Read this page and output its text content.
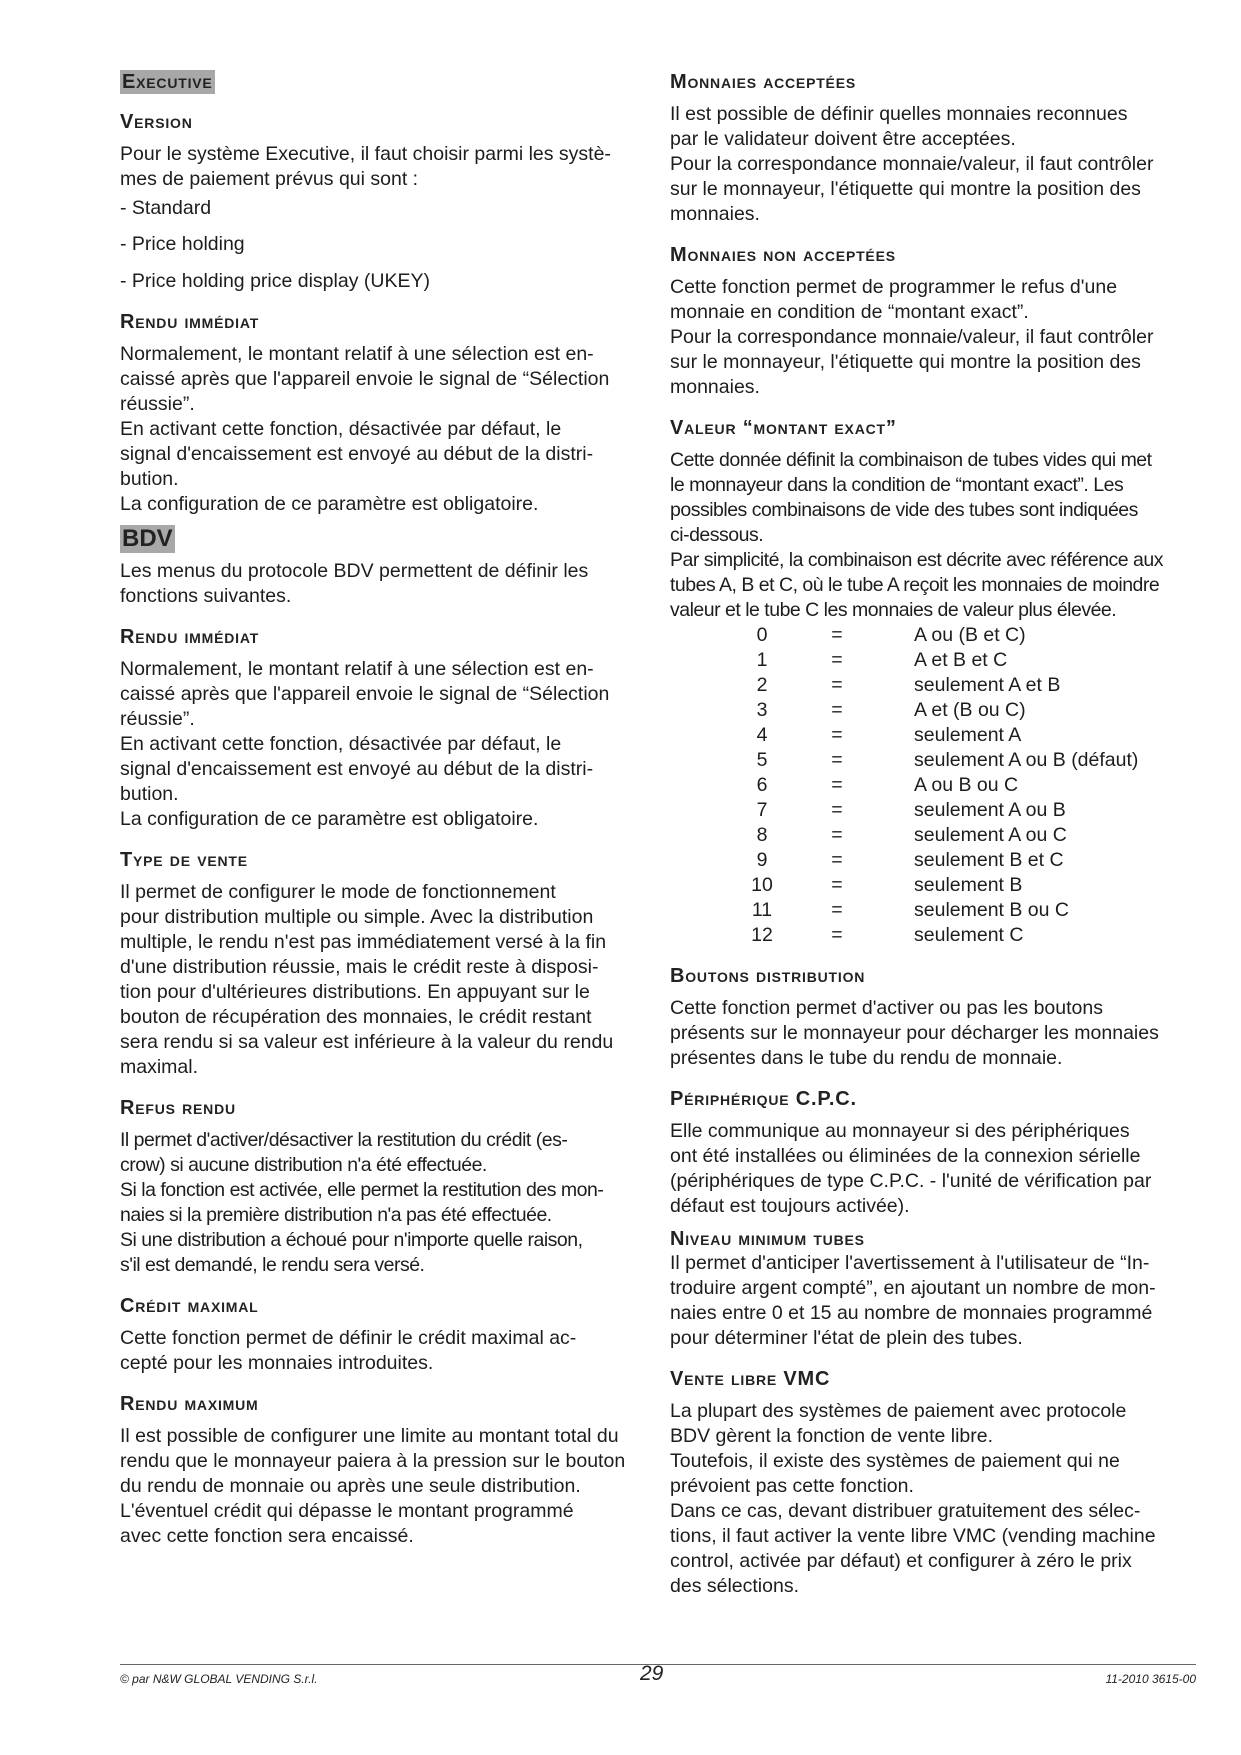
Executive
Version

Pour le système Executive, il faut choisir parmi les systè-
mes de paiement prévus qui sont :

- Standard

- Price holding

- Price holding price display (UKEY)

Rendu immédiat

Normalement, le montant relatif à une sélection est en-
caissé après que l'appareil envoie le signal de “Sélection
réussie”.
En activant cette fonction, désactivée par défaut, le
signal d'encaissement est envoyé au début de la distri-
bution.
La configuration de ce paramètre est obligatoire.

BDV

Les menus du protocole BDV permettent de définir les
fonctions suivantes.

Rendu immédiat

Normalement, le montant relatif à une sélection est en-
caissé après que l'appareil envoie le signal de “Sélection
réussie”.
En activant cette fonction, désactivée par défaut, le
signal d'encaissement est envoyé au début de la distri-
bution.
La configuration de ce paramètre est obligatoire.

Type de vente

Il permet de configurer le mode de fonctionnement
pour distribution multiple ou simple. Avec la distribution
multiple, le rendu n'est pas immédiatement versé à la fin
d'une distribution réussie, mais le crédit reste à disposi-
tion pour d'ultérieures distributions. En appuyant sur le
bouton de récupération des monnaies, le crédit restant
sera rendu si sa valeur est inférieure à la valeur du rendu
maximal.

Refus rendu

Il permet d'activer/désactiver la restitution du crédit (es-
crow) si aucune distribution n'a été effectuée.
Si la fonction est activée, elle permet la restitution des mon-
naies si la première distribution n'a pas été effectuée.
Si une distribution a échoué pour n'importe quelle raison,
s'il est demandé, le rendu sera versé.

Crédit maximal

Cette fonction permet de définir le crédit maximal ac-
cepté pour les monnaies introduites.

Rendu maximum

Il est possible de configurer une limite au montant total du
rendu que le monnayeur paiera à la pression sur le bouton
du rendu de monnaie ou après une seule distribution.
L'éventuel crédit qui dépasse le montant programmé
avec cette fonction sera encaissé.

Monnaies acceptées

Il est possible de définir quelles monnaies reconnues
par le validateur doivent être acceptées.
Pour la correspondance monnaie/valeur, il faut contrôler
sur le monnayeur, l'étiquette qui montre la position des
monnaies.

Monnaies non acceptées

Cette fonction permet de programmer le refus d'une
monnaie en condition de “montant exact”.
Pour la correspondance monnaie/valeur, il faut contrôler
sur le monnayeur, l'étiquette qui montre la position des
monnaies.

Valeur “montant exact”

Cette donnée définit la combinaison de tubes vides qui met
le monnayeur dans la condition de “montant exact”. Les
possibles combinaisons de vide des tubes sont indiquées
ci-dessous.
Par simplicité, la combinaison est décrite avec référence aux
tubes A, B et C, où le tube A reçoit les monnaies de moindre
valeur et le tube C les monnaies de valeur plus élevée.

0	=	A ou (B et C)
1	=	A et B et C
2	=	seulement A et B
3	=	A et (B ou C)
4	=	seulement A
5	=	seulement A ou B (défaut)
6	=	A ou B ou C
7	=	seulement A ou B
8	=	seulement A ou C
9	=	seulement B et C
10	=	seulement B
11	=	seulement B ou C
12	=	seulement C
Boutons distribution

Cette fonction permet d'activer ou pas les boutons
présents sur le monnayeur pour décharger les monnaies
présentes dans le tube du rendu de monnaie.

Périphérique C.P.C.

Elle communique au monnayeur si des périphériques
ont été installées ou éliminées de la connexion sérielle
(périphériques de type C.P.C. - l'unité de vérification par
défaut est toujours activée).

Niveau minimum tubes

Il permet d'anticiper l'avertissement à l'utilisateur de “In-
troduire argent compté”, en ajoutant un nombre de mon-
naies entre 0 et 15 au nombre de monnaies programmé
pour déterminer l'état de plein des tubes.

Vente libre VMC

La plupart des systèmes de paiement avec protocole
BDV gèrent la fonction de vente libre.
Toutefois, il existe des systèmes de paiement qui ne
prévoient pas cette fonction.
Dans ce cas, devant distribuer gratuitement des sélec-
tions, il faut activer la vente libre VMC (vending machine
control, activée par défaut) et configurer à zéro le prix
des sélections.

© par N&W GLOBAL VENDING S.r.l.	29	11-2010 3615-00
